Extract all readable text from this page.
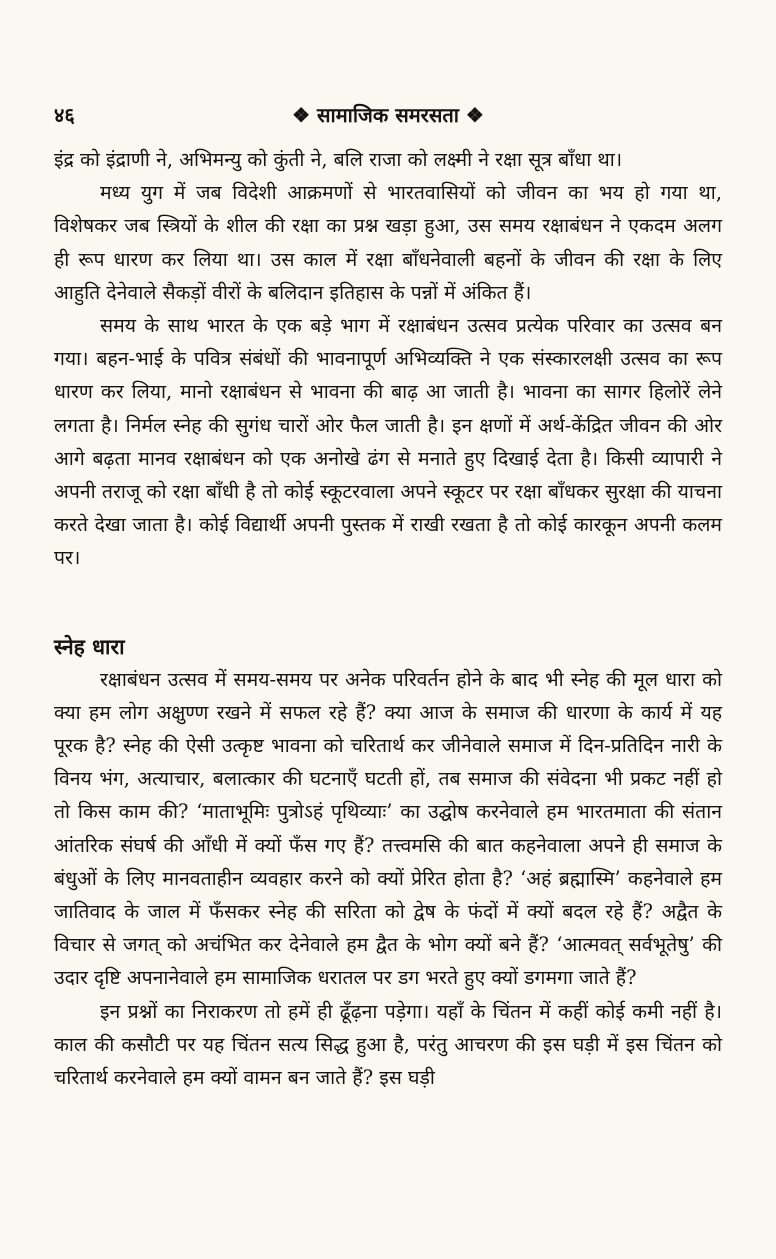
४६	❖ सामाजिक समरसता ❖

इंद्र को इंद्राणी ने, अभिमन्यु को कुंती ने, बलि राजा को लक्ष्मी ने रक्षा सूत्र बाँधा था।

मध्य युग में जब विदेशी आक्रमणों से भारतवासियों को जीवन का भय हो गया था, विशेषकर जब स्त्रियों के शील की रक्षा का प्रश्न खड़ा हुआ, उस समय रक्षाबंधन ने एकदम अलग ही रूप धारण कर लिया था। उस काल में रक्षा बाँधनेवाली बहनों के जीवन की रक्षा के लिए आहुति देनेवाले सैकड़ों वीरों के बलिदान इतिहास के पन्नों में अंकित हैं।

समय के साथ भारत के एक बड़े भाग में रक्षाबंधन उत्सव प्रत्येक परिवार का उत्सव बन गया। बहन-भाई के पवित्र संबंधों की भावनापूर्ण अभिव्यक्ति ने एक संस्कारलक्षी उत्सव का रूप धारण कर लिया, मानो रक्षाबंधन से भावना की बाढ़ आ जाती है। भावना का सागर हिलोरें लेने लगता है। निर्मल स्नेह की सुगंध चारों ओर फैल जाती है। इन क्षणों में अर्थ-केंद्रित जीवन की ओर आगे बढ़ता मानव रक्षाबंधन को एक अनोखे ढंग से मनाते हुए दिखाई देता है। किसी व्यापारी ने अपनी तराजू को रक्षा बाँधी है तो कोई स्कूटरवाला अपने स्कूटर पर रक्षा बाँधकर सुरक्षा की याचना करते देखा जाता है। कोई विद्यार्थी अपनी पुस्तक में राखी रखता है तो कोई कारकून अपनी कलम पर।

स्नेह धारा

रक्षाबंधन उत्सव में समय-समय पर अनेक परिवर्तन होने के बाद भी स्नेह की मूल धारा को क्या हम लोग अक्षुण्ण रखने में सफल रहे हैं? क्या आज के समाज की धारणा के कार्य में यह पूरक है? स्नेह की ऐसी उत्कृष्ट भावना को चरितार्थ कर जीनेवाले समाज में दिन-प्रतिदिन नारी के विनय भंग, अत्याचार, बलात्कार की घटनाएँ घटती हों, तब समाज की संवेदना भी प्रकट नहीं हो तो किस काम की? ‘माताभूमिः पुत्रोऽहं पृथिव्याः’ का उद्घोष करनेवाले हम भारतमाता की संतान आंतरिक संघर्ष की आँधी में क्यों फँस गए हैं? तत्त्वमसि की बात कहनेवाला अपने ही समाज के बंधुओं के लिए मानवताहीन व्यवहार करने को क्यों प्रेरित होता है? ‘अहं ब्रह्मास्मि’ कहनेवाले हम जातिवाद के जाल में फँसकर स्नेह की सरिता को द्वेष के फंदों में क्यों बदल रहे हैं? अद्वैत के विचार से जगत् को अचंभित कर देनेवाले हम द्वैत के भोग क्यों बने हैं? ‘आत्मवत् सर्वभूतेषु’ की उदार दृष्टि अपनानेवाले हम सामाजिक धरातल पर डग भरते हुए क्यों डगमगा जाते हैं?

इन प्रश्नों का निराकरण तो हमें ही ढूँढ़ना पड़ेगा। यहाँ के चिंतन में कहीं कोई कमी नहीं है। काल की कसौटी पर यह चिंतन सत्य सिद्ध हुआ है, परंतु आचरण की इस घड़ी में इस चिंतन को चरितार्थ करनेवाले हम क्यों वामन बन जाते हैं? इस घड़ी
